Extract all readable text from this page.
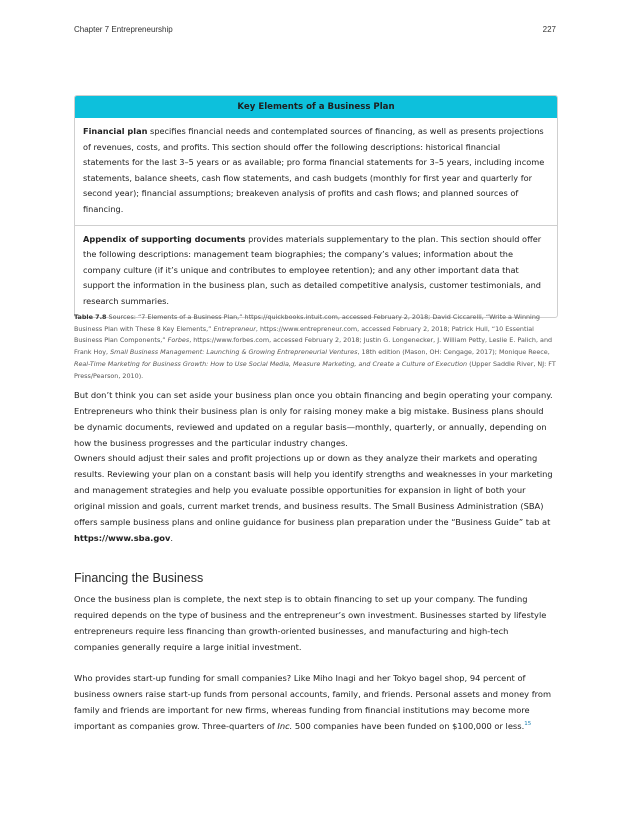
Chapter 7 Entrepreneurship	227
Key Elements of a Business Plan
Financial plan specifies financial needs and contemplated sources of financing, as well as presents projections of revenues, costs, and profits. This section should offer the following descriptions: historical financial statements for the last 3–5 years or as available; pro forma financial statements for 3–5 years, including income statements, balance sheets, cash flow statements, and cash budgets (monthly for first year and quarterly for second year); financial assumptions; breakeven analysis of profits and cash flows; and planned sources of financing.
Appendix of supporting documents provides materials supplementary to the plan. This section should offer the following descriptions: management team biographies; the company’s values; information about the company culture (if it’s unique and contributes to employee retention); and any other important data that support the information in the business plan, such as detailed competitive analysis, customer testimonials, and research summaries.
Table 7.8 Sources: “7 Elements of a Business Plan,” https://quickbooks.intuit.com, accessed February 2, 2018; David Ciccarelli, “Write a Winning Business Plan with These 8 Key Elements,” Entrepreneur, https://www.entrepreneur.com, accessed February 2, 2018; Patrick Hull, “10 Essential Business Plan Components,” Forbes, https://www.forbes.com, accessed February 2, 2018; Justin G. Longenecker, J. William Petty, Leslie E. Palich, and Frank Hoy, Small Business Management: Launching & Growing Entrepreneurial Ventures, 18th edition (Mason, OH: Cengage, 2017); Monique Reece, Real-Time Marketing for Business Growth: How to Use Social Media, Measure Marketing, and Create a Culture of Execution (Upper Saddle River, NJ: FT Press/Pearson, 2010).

But don’t think you can set aside your business plan once you obtain financing and begin operating your company. Entrepreneurs who think their business plan is only for raising money make a big mistake. Business plans should be dynamic documents, reviewed and updated on a regular basis—monthly, quarterly, or annually, depending on how the business progresses and the particular industry changes.

Owners should adjust their sales and profit projections up or down as they analyze their markets and operating results. Reviewing your plan on a constant basis will help you identify strengths and weaknesses in your marketing and management strategies and help you evaluate possible opportunities for expansion in light of both your original mission and goals, current market trends, and business results. The Small Business Administration (SBA) offers sample business plans and online guidance for business plan preparation under the “Business Guide” tab at https://www.sba.gov.

Financing the Business

Once the business plan is complete, the next step is to obtain financing to set up your company. The funding required depends on the type of business and the entrepreneur’s own investment. Businesses started by lifestyle entrepreneurs require less financing than growth-oriented businesses, and manufacturing and high-tech companies generally require a large initial investment.

Who provides start-up funding for small companies? Like Miho Inagi and her Tokyo bagel shop, 94 percent of business owners raise start-up funds from personal accounts, family, and friends. Personal assets and money from family and friends are important for new firms, whereas funding from financial institutions may become more important as companies grow. Three-quarters of Inc. 500 companies have been funded on $100,000 or less.$^{15}$
